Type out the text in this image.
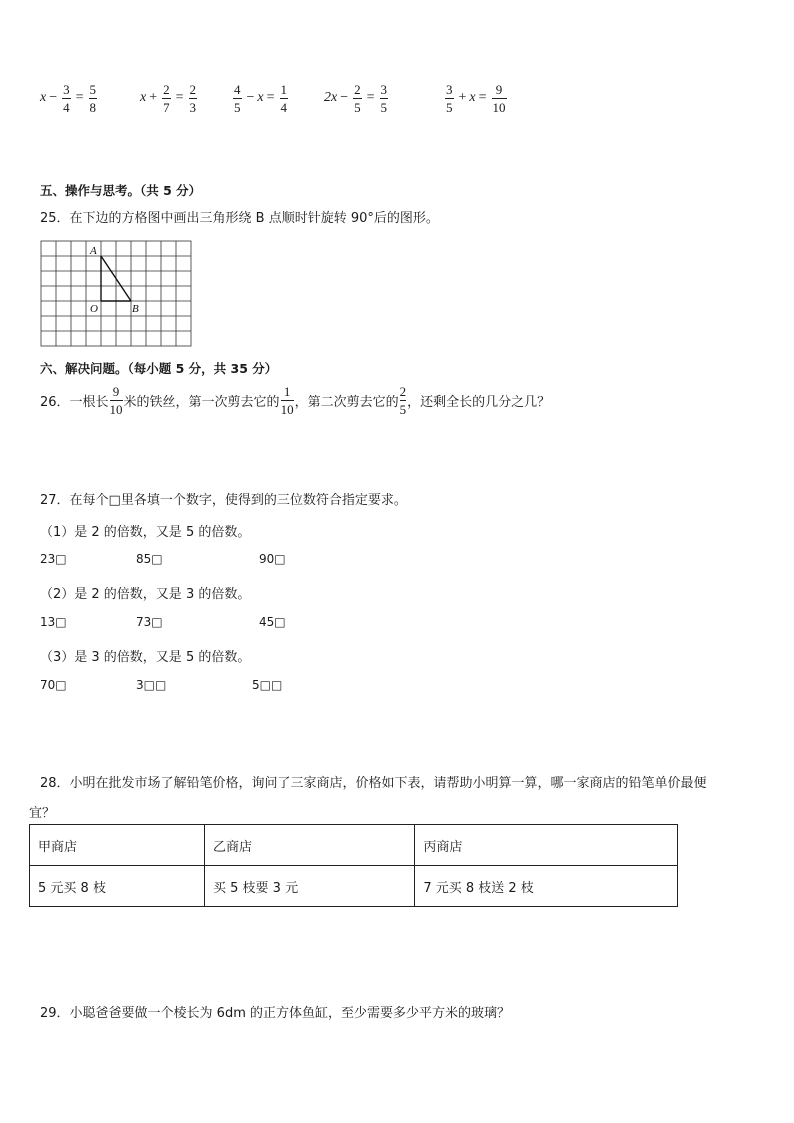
$x - \frac{3}{4} = \frac{5}{8}$	$x + \frac{2}{7} = \frac{2}{3}$	$\frac{4}{5} - x = \frac{1}{4}$	$2x - \frac{2}{5} = \frac{3}{5}$	$\frac{3}{5} + x = \frac{9}{10}$
五、操作与思考。（共 5 分）
25．在下边的方格图中画出三角形绕 B 点顺时针旋转 90°后的图形。
A
O	B
六、解决问题。（每小题 5 分，共 35 分）
26．一根长 $\frac{9}{10}$ 米的铁丝，第一次剪去它的 $\frac{1}{10}$ ，第二次剪去它的 $\frac{2}{5}$ ，还剩全长的几分之几？
27．在每个□里各填一个数字，使得到的三位数符合指定要求。
（1）是 2 的倍数，又是 5 的倍数。
23□	85□	90□
（2）是 2 的倍数，又是 3 的倍数。
13□	73□	45□
（3）是 3 的倍数，又是 5 的倍数。
70□	3□□	5□□
28．小明在批发市场了解铅笔价格，询问了三家商店，价格如下表，请帮助小明算一算，哪一家商店的铅笔单价最便
宜？
甲商店	乙商店	丙商店
5 元买 8 枝	买 5 枝要 3 元	7 元买 8 枝送 2 枝
29．小聪爸爸要做一个棱长为 6dm 的正方体鱼缸，至少需要多少平方米的玻璃？
